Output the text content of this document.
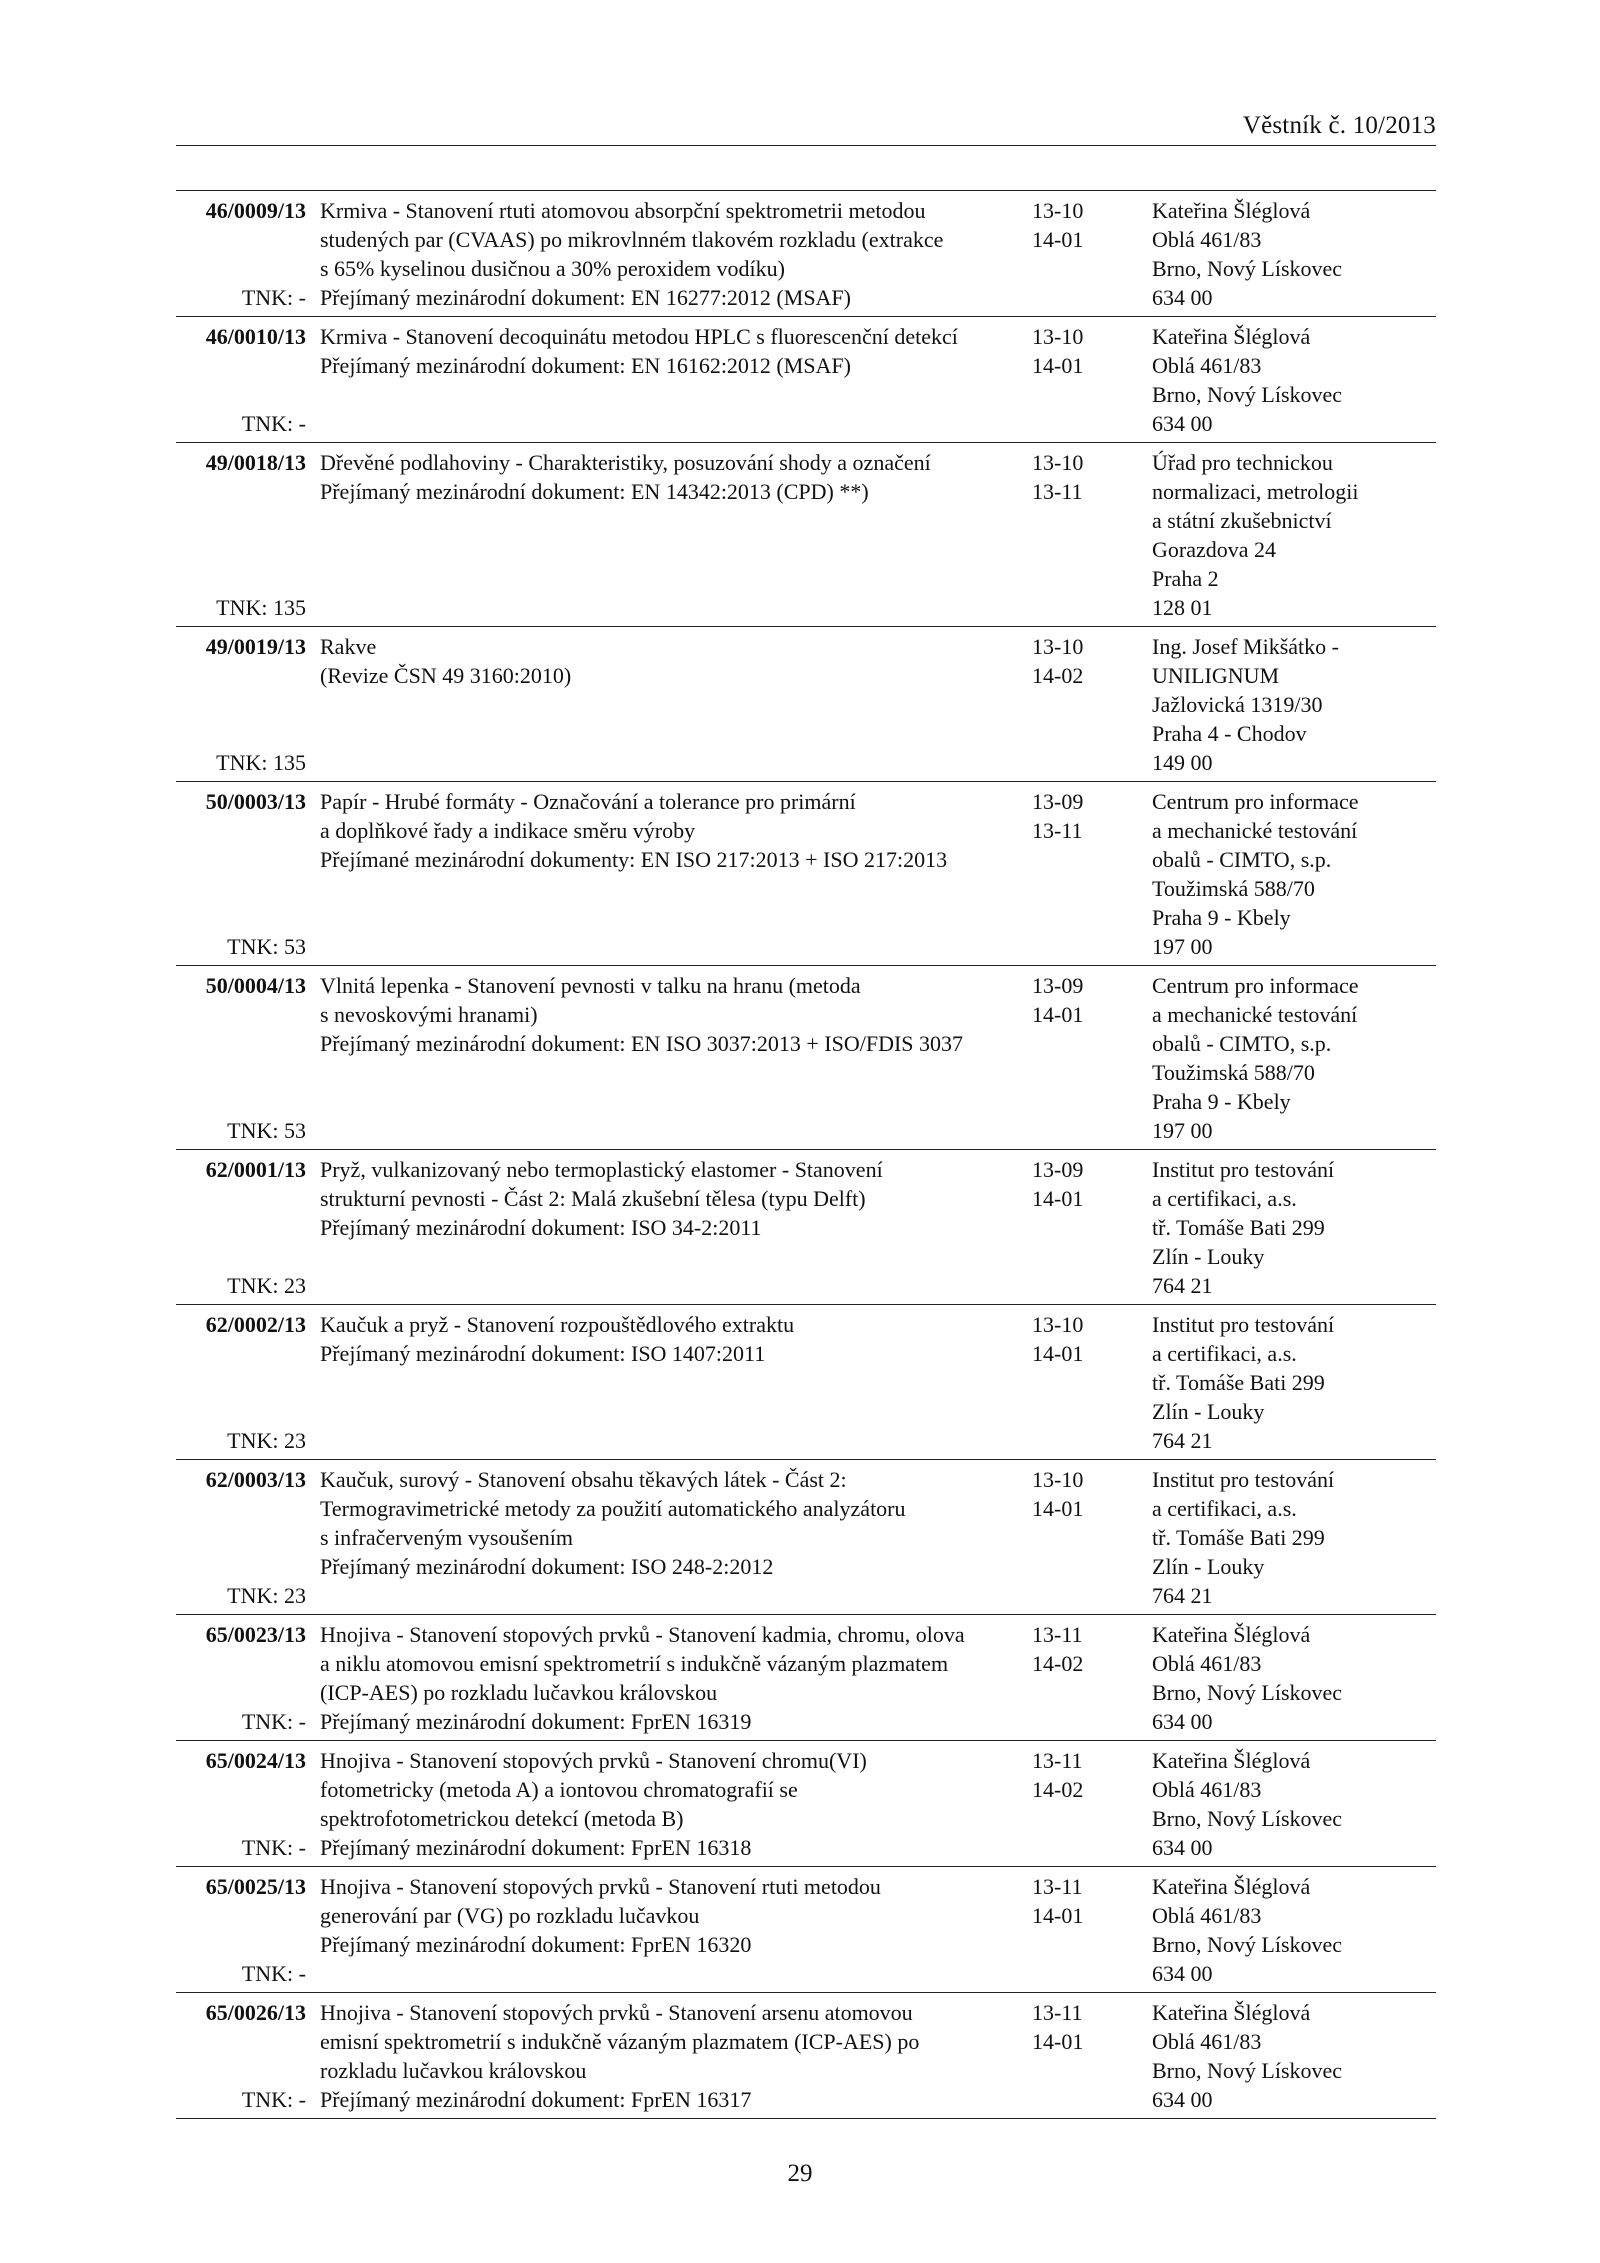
Věstník č. 10/2013
46/0009/13
TNK: -
Krmiva - Stanovení rtuti atomovou absorpční spektrometrii metodou
studených par (CVAAS) po mikrovlnném tlakovém rozkladu (extrakce
s 65% kyselinou dusičnou a 30% peroxidem vodíku)
Přejímaný mezinárodní dokument: EN 16277:2012 (MSAF)
13-10
14-01
Kateřina Šléglová
Oblá 461/83
Brno, Nový Lískovec
634 00
46/0010/13
TNK: -
Krmiva - Stanovení decoquinátu metodou HPLC s fluorescenční detekcí
Přejímaný mezinárodní dokument: EN 16162:2012 (MSAF)
13-10
14-01
Kateřina Šléglová
Oblá 461/83
Brno, Nový Lískovec
634 00
49/0018/13
TNK: 135
Dřevěné podlahoviny - Charakteristiky, posuzování shody a označení
Přejímaný mezinárodní dokument: EN 14342:2013 (CPD) **)
13-10
13-11
Úřad pro technickou
normalizaci, metrologii
a státní zkušebnictví
Gorazdova 24
Praha 2
128 01
49/0019/13
TNK: 135
Rakve
(Revize ČSN 49 3160:2010)
13-10
14-02
Ing. Josef Mikšátko -
UNILIGNUM
Jažlovická 1319/30
Praha 4 - Chodov
149 00
50/0003/13
TNK: 53
Papír - Hrubé formáty - Označování a tolerance pro primární
a doplňkové řady a indikace směru výroby
Přejímané mezinárodní dokumenty: EN ISO 217:2013 + ISO 217:2013
13-09
13-11
Centrum pro informace
a mechanické testování
obalů - CIMTO, s.p.
Toužimská 588/70
Praha 9 - Kbely
197 00
50/0004/13
TNK: 53
Vlnitá lepenka - Stanovení pevnosti v talku na hranu (metoda
s nevoskovými hranami)
Přejímaný mezinárodní dokument: EN ISO 3037:2013 + ISO/FDIS 3037
13-09
14-01
Centrum pro informace
a mechanické testování
obalů - CIMTO, s.p.
Toužimská 588/70
Praha 9 - Kbely
197 00
62/0001/13
TNK: 23
Pryž, vulkanizovaný nebo termoplastický elastomer - Stanovení
strukturní pevnosti - Část 2: Malá zkušební tělesa (typu Delft)
Přejímaný mezinárodní dokument: ISO 34-2:2011
13-09
14-01
Institut pro testování
a certifikaci, a.s.
tř. Tomáše Bati 299
Zlín - Louky
764 21
62/0002/13
TNK: 23
Kaučuk a pryž - Stanovení rozpouštědlového extraktu
Přejímaný mezinárodní dokument: ISO 1407:2011
13-10
14-01
Institut pro testování
a certifikaci, a.s.
tř. Tomáše Bati 299
Zlín - Louky
764 21
62/0003/13
TNK: 23
Kaučuk, surový - Stanovení obsahu těkavých látek - Část 2:
Termogravimetrické metody za použití automatického analyzátoru
s infračerveným vysoušením
Přejímaný mezinárodní dokument: ISO 248-2:2012
13-10
14-01
Institut pro testování
a certifikaci, a.s.
tř. Tomáše Bati 299
Zlín - Louky
764 21
65/0023/13
TNK: -
Hnojiva - Stanovení stopových prvků - Stanovení kadmia, chromu, olova
a niklu atomovou emisní spektrometrií s indukčně vázaným plazmatem
(ICP-AES) po rozkladu lučavkou královskou
Přejímaný mezinárodní dokument: FprEN 16319
13-11
14-02
Kateřina Šléglová
Oblá 461/83
Brno, Nový Lískovec
634 00
65/0024/13
TNK: -
Hnojiva - Stanovení stopových prvků - Stanovení chromu(VI)
fotometricky (metoda A) a iontovou chromatografií se
spektrofotometrickou detekcí (metoda B)
Přejímaný mezinárodní dokument: FprEN 16318
13-11
14-02
Kateřina Šléglová
Oblá 461/83
Brno, Nový Lískovec
634 00
65/0025/13
TNK: -
Hnojiva - Stanovení stopových prvků - Stanovení rtuti metodou
generování par (VG) po rozkladu lučavkou
Přejímaný mezinárodní dokument: FprEN 16320
13-11
14-01
Kateřina Šléglová
Oblá 461/83
Brno, Nový Lískovec
634 00
65/0026/13
TNK: -
Hnojiva - Stanovení stopových prvků - Stanovení arsenu atomovou
emisní spektrometrií s indukčně vázaným plazmatem (ICP-AES) po
rozkladu lučavkou královskou
Přejímaný mezinárodní dokument: FprEN 16317
13-11
14-01
Kateřina Šléglová
Oblá 461/83
Brno, Nový Lískovec
634 00
29
